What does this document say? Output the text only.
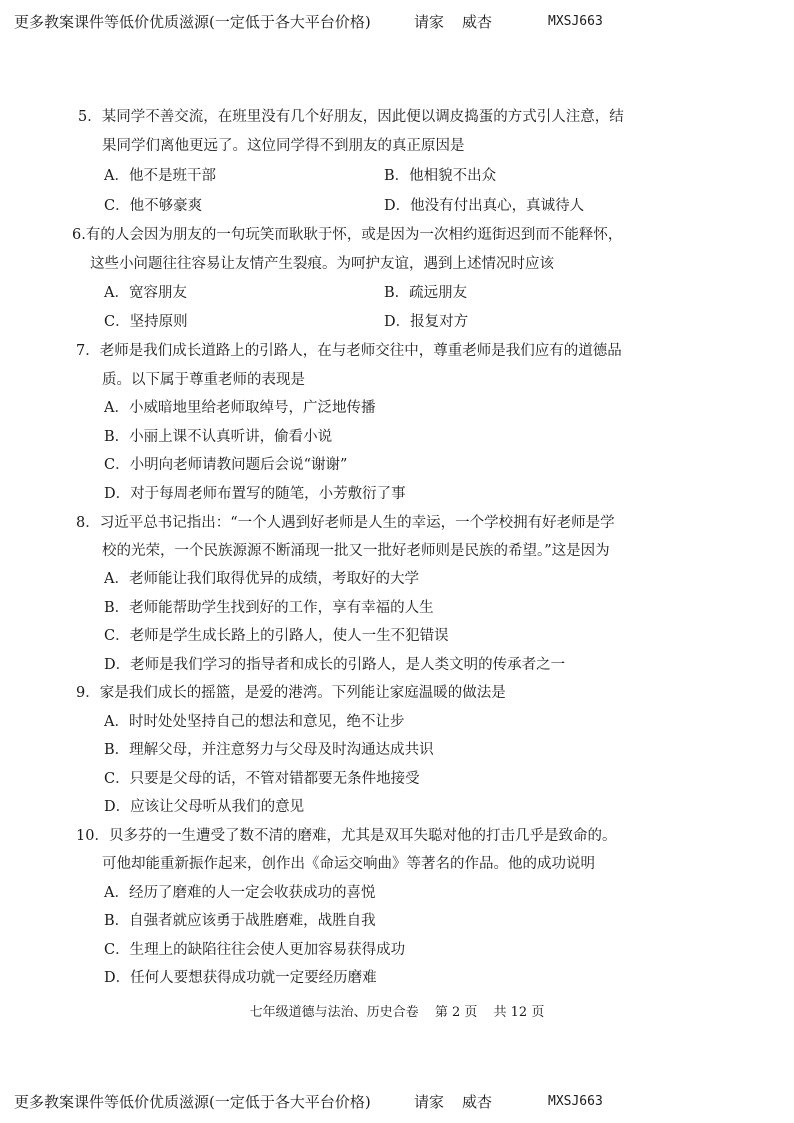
更多教案课件等低价优质滋源(一定低于各大平台价格)	请家 威杏	MXSJ663
5．某同学不善交流，在班里没有几个好朋友，因此便以调皮捣蛋的方式引人注意，结
果同学们离他更远了。这位同学得不到朋友的真正原因是
A．他不是班干部	B．他相貌不出众
C．他不够豪爽	D．他没有付出真心，真诚待人
6.有的人会因为朋友的一句玩笑而耿耿于怀，或是因为一次相约逛街迟到而不能释怀，
这些小问题往往容易让友情产生裂痕。为呵护友谊，遇到上述情况时应该
A．宽容朋友	B．疏远朋友
C．坚持原则	D．报复对方
7．老师是我们成长道路上的引路人，在与老师交往中，尊重老师是我们应有的道德品
质。以下属于尊重老师的表现是
A．小威暗地里给老师取绰号，广泛地传播
B．小丽上课不认真听讲，偷看小说
C．小明向老师请教问题后会说“谢谢”
D．对于每周老师布置写的随笔，小芳敷衍了事
8．习近平总书记指出：“一个人遇到好老师是人生的幸运，一个学校拥有好老师是学
校的光荣，一个民族源源不断涌现一批又一批好老师则是民族的希望。”这是因为
A．老师能让我们取得优异的成绩，考取好的大学
B．老师能帮助学生找到好的工作，享有幸福的人生
C．老师是学生成长路上的引路人，使人一生不犯错误
D．老师是我们学习的指导者和成长的引路人，是人类文明的传承者之一
9．家是我们成长的摇篮，是爱的港湾。下列能让家庭温暖的做法是
A．时时处处坚持自己的想法和意见，绝不让步
B．理解父母，并注意努力与父母及时沟通达成共识
C．只要是父母的话，不管对错都要无条件地接受
D．应该让父母听从我们的意见
10．贝多芬的一生遭受了数不清的磨难，尤其是双耳失聪对他的打击几乎是致命的。
可他却能重新振作起来，创作出《命运交响曲》等著名的作品。他的成功说明
A．经历了磨难的人一定会收获成功的喜悦
B．自强者就应该勇于战胜磨难，战胜自我
C．生理上的缺陷往往会使人更加容易获得成功
D．任何人要想获得成功就一定要经历磨难
七年级道德与法治、历史合卷 第 2 页 共 12 页
更多教案课件等低价优质滋源(一定低于各大平台价格)	请家 威杏	MXSJ663
